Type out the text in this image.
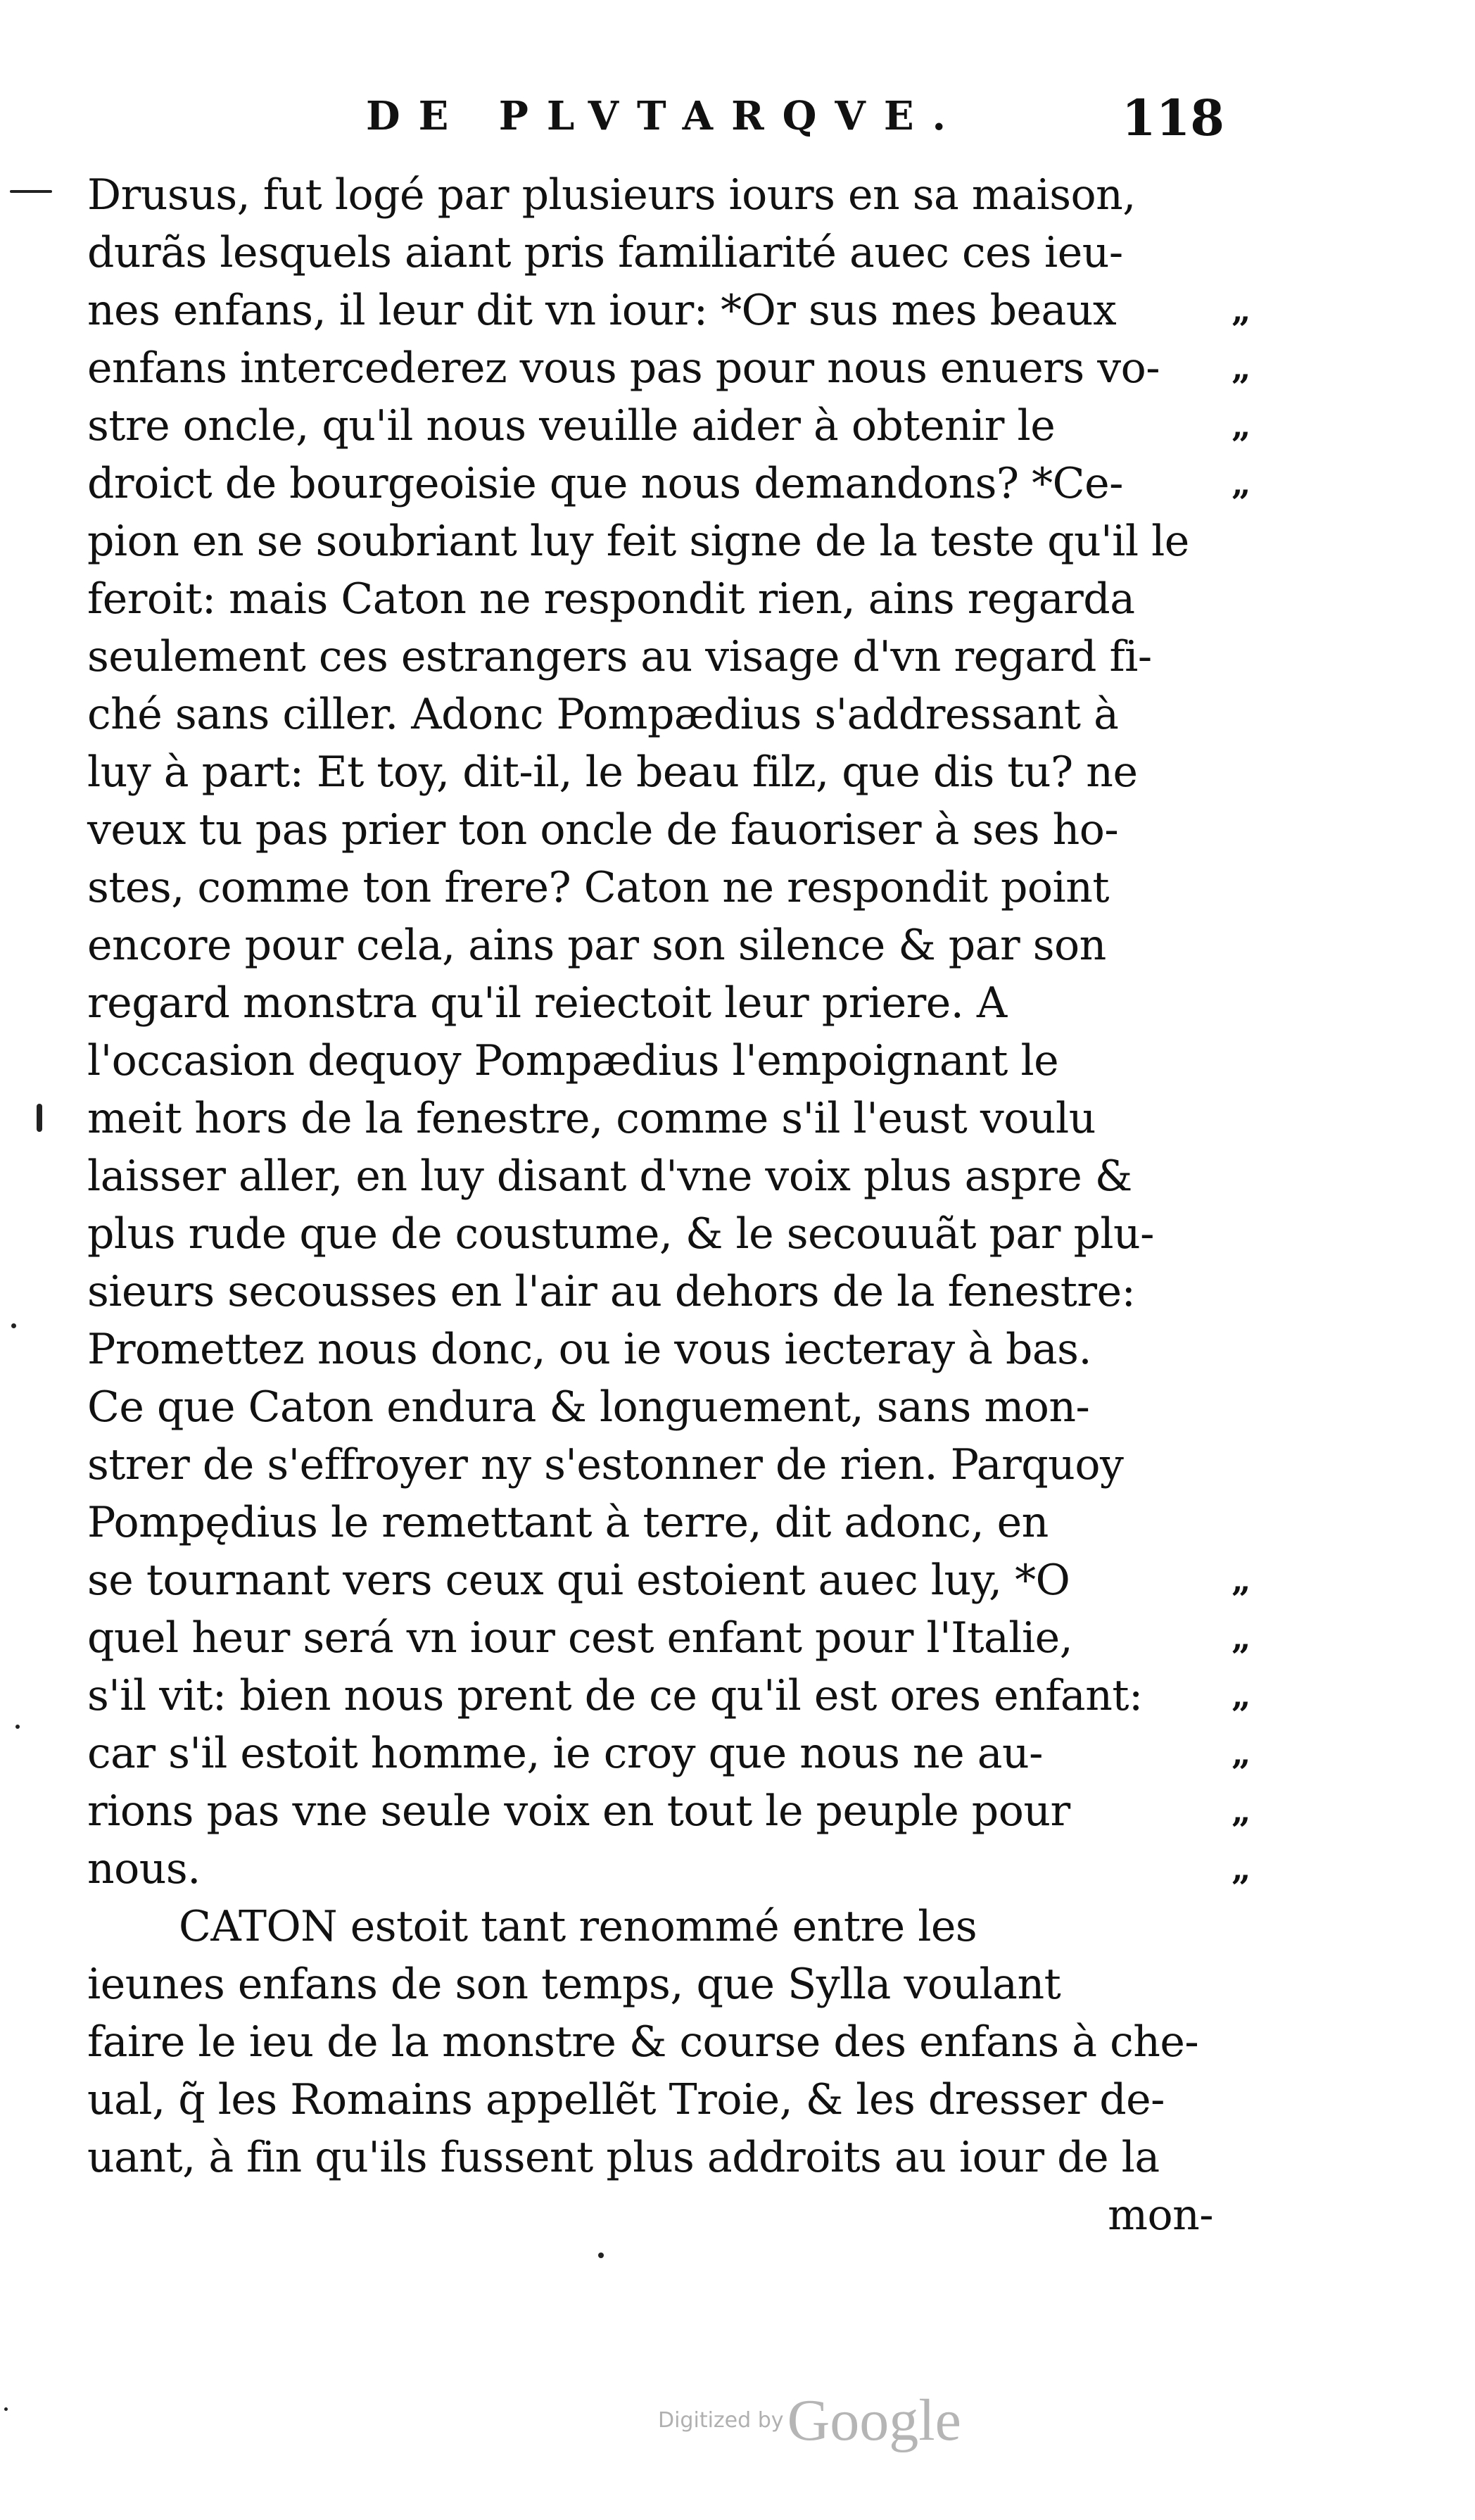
DE PLVTARQVE.	118
Drusus, fut logé par plusieurs iours en sa maison,
durãs lesquels aiant pris familiarité auec ces ieu-
nes enfans, il leur dit vn iour: *Or sus mes beaux
enfans intercederez vous pas pour nous enuers vo-
stre oncle, qu'il nous veuille aider à obtenir le
droict de bourgeoisie que nous demandons? *Ce-
pion en se soubriant luy feit signe de la teste qu'il le
feroit: mais Caton ne respondit rien, ains regarda
seulement ces estrangers au visage d'vn regard fi-
ché sans ciller. Adonc Pompædius s'addressant à
luy à part: Et toy, dit-il, le beau filz, que dis tu? ne
veux tu pas prier ton oncle de fauoriser à ses ho-
stes, comme ton frere? Caton ne respondit point
encore pour cela, ains par son silence & par son
regard monstra qu'il reiectoit leur priere. A
l'occasion dequoy Pompædius l'empoignant le
meit hors de la fenestre, comme s'il l'eust voulu
laisser aller, en luy disant d'vne voix plus aspre &
plus rude que de coustume, & le secouuãt par plu-
sieurs secousses en l'air au dehors de la fenestre:
Promettez nous donc, ou ie vous iecteray à bas.
Ce que Caton endura & longuement, sans mon-
strer de s'effroyer ny s'estonner de rien. Parquoy
Pompędius le remettant à terre, dit adonc, en
se tournant vers ceux qui estoient auec luy, *O
quel heur será vn iour cest enfant pour l'Italie,
s'il vit: bien nous prent de ce qu'il est ores enfant:
car s'il estoit homme, ie croy que nous ne au-
rions pas vne seule voix en tout le peuple pour
nous.
CATON estoit tant renommé entre les
ieunes enfans de son temps, que Sylla voulant
faire le ieu de la monstre & course des enfans à che-
ual, q̃ les Romains appellẽt Troie, & les dresser de-
uant, à fin qu'ils fussent plus addroits au iour de la
mon-
„
„
„
„
„
„
„
„
„
„
Digitized by Google
